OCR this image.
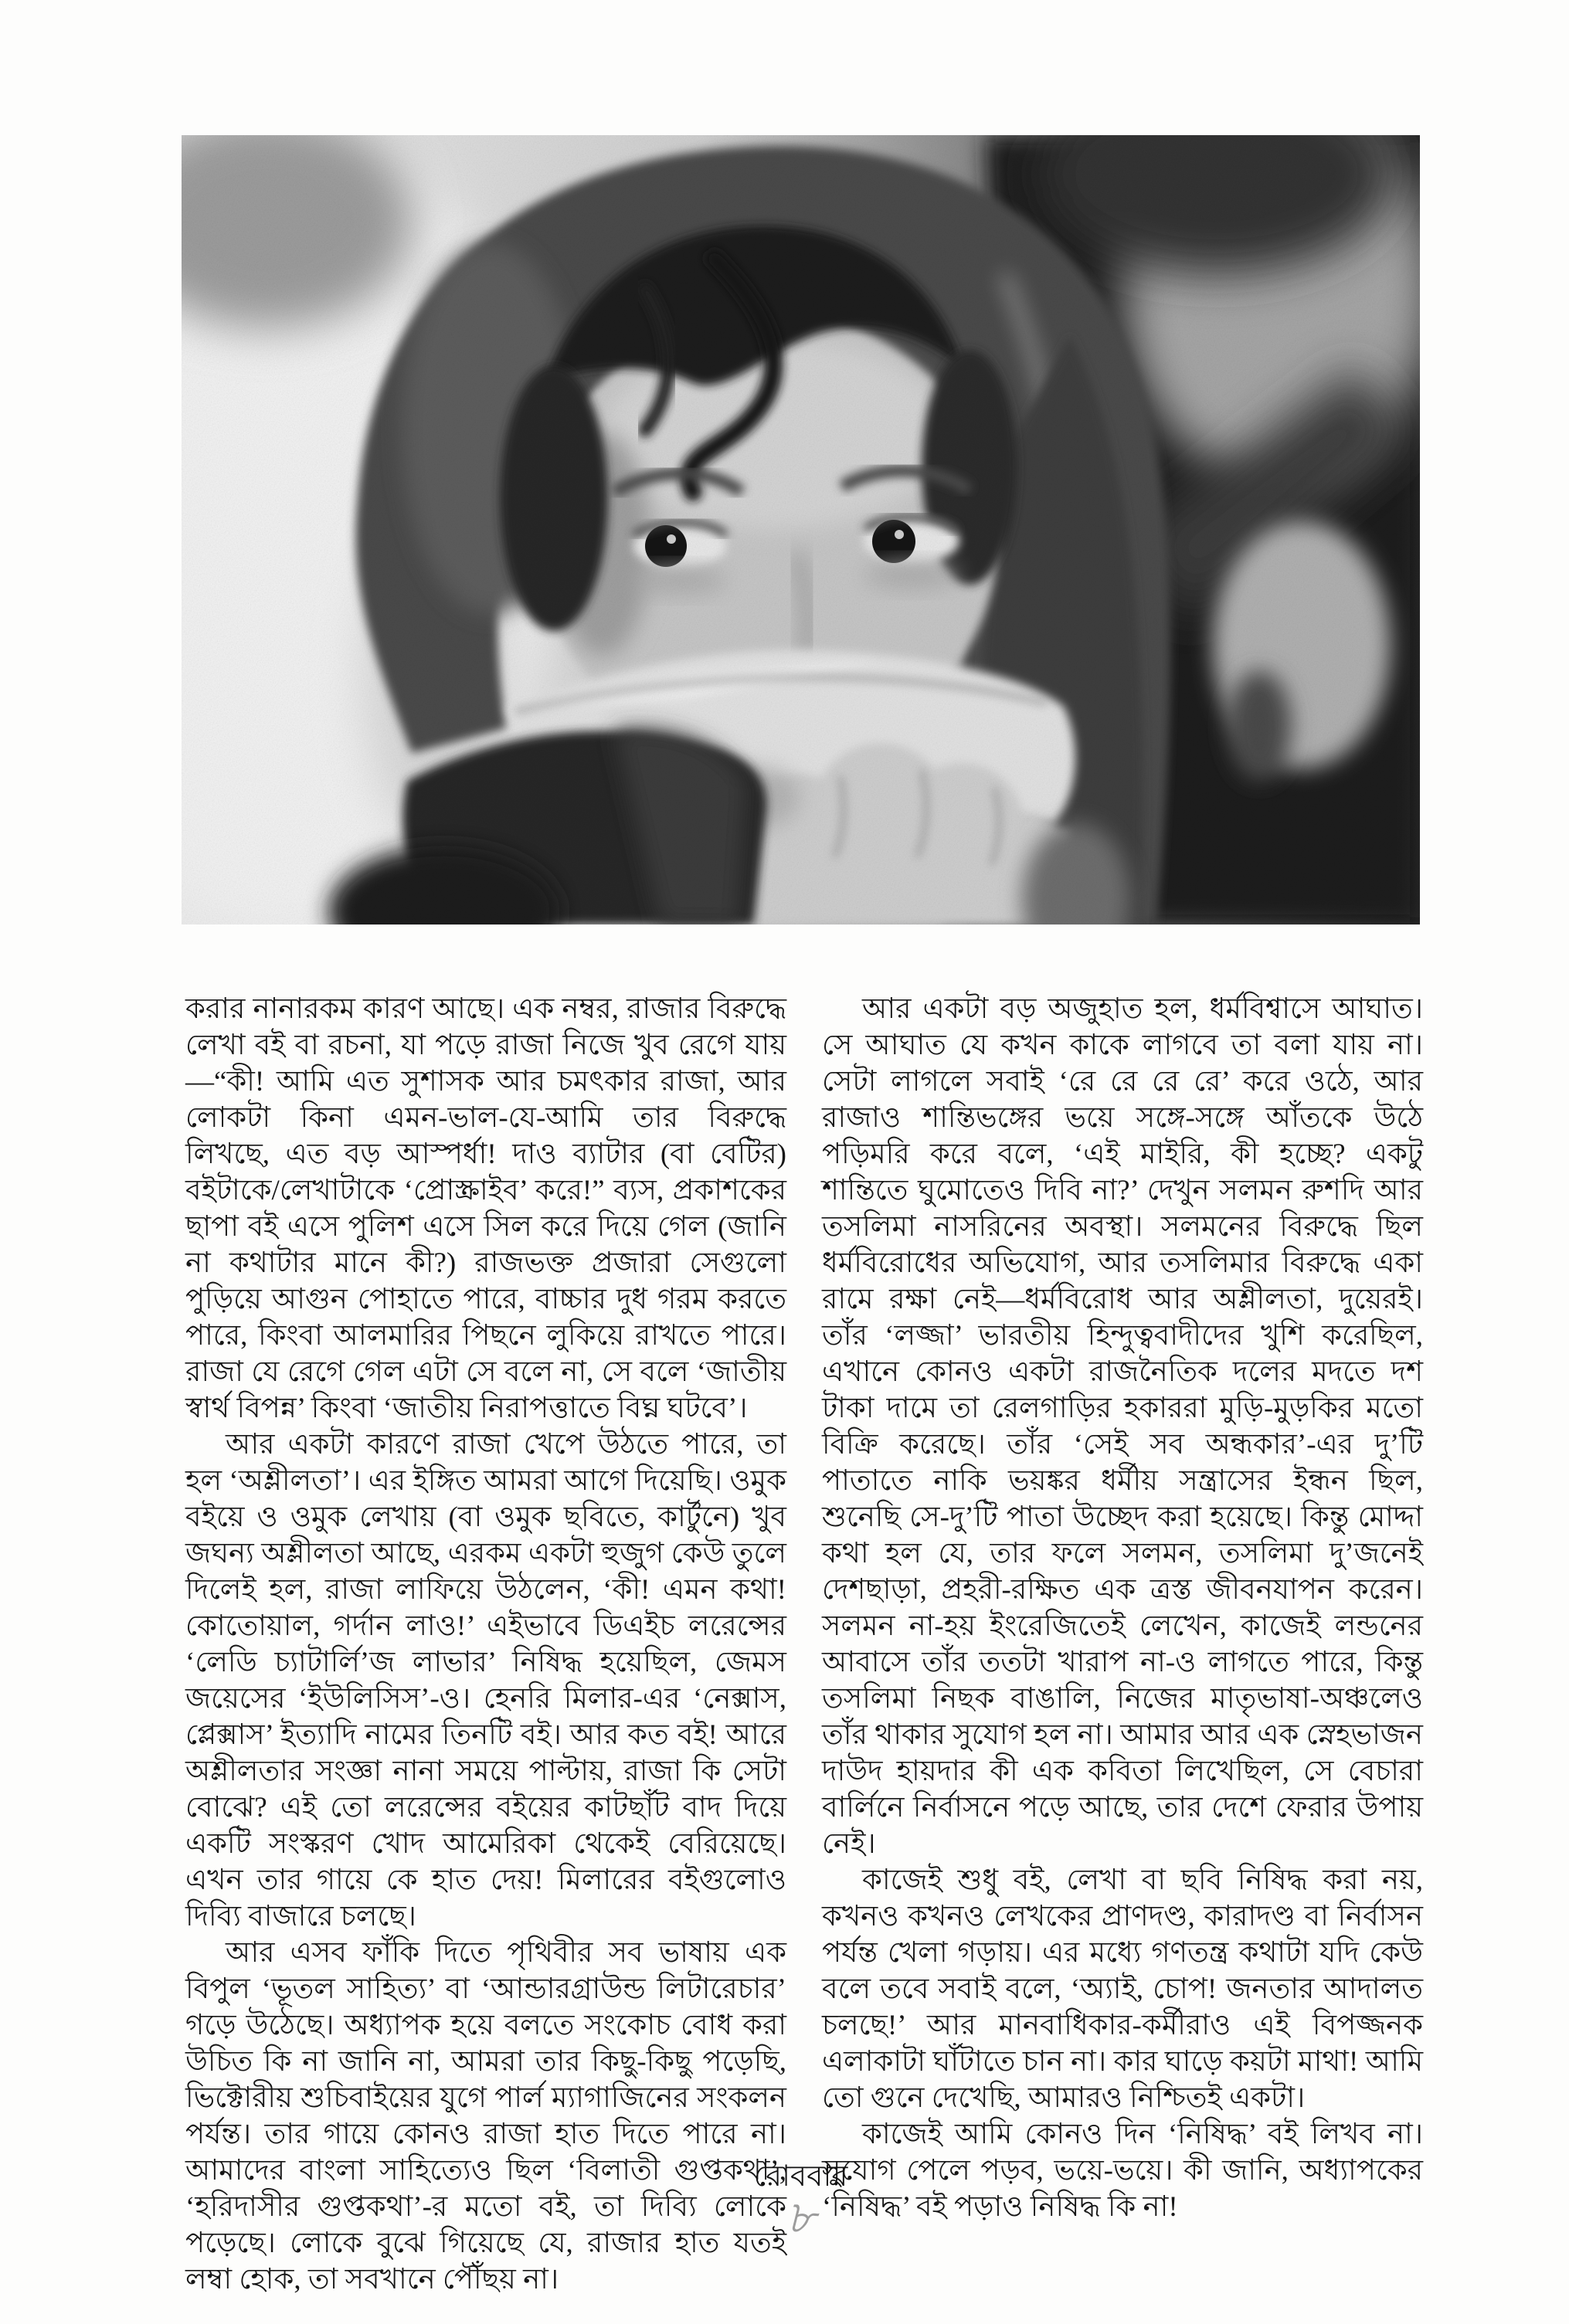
করার নানারকম কারণ আছে। এক নম্বর, রাজার বিরুদ্ধে লেখা বই বা রচনা, যা পড়ে রাজা নিজে খুব রেগে যায়—“কী! আমি এত সুশাসক আর চমৎকার রাজা, আর লোকটা কিনা এমন-ভাল-যে-আমি তার বিরুদ্ধে লিখছে, এত বড় আস্পর্ধা! দাও ব্যাটার (বা বেটির) বইটাকে/লেখাটাকে ‘প্রোস্ক্রাইব’ করে!” ব্যস, প্রকাশকের ছাপা বই এসে পুলিশ এসে সিল করে দিয়ে গেল (জানি না কথাটার মানে কী?) রাজভক্ত প্রজারা সেগুলো পুড়িয়ে আগুন পোহাতে পারে, বাচ্চার দুধ গরম করতে পারে, কিংবা আলমারির পিছনে লুকিয়ে রাখতে পারে। রাজা যে রেগে গেল এটা সে বলে না, সে বলে ‘জাতীয় স্বার্থ বিপন্ন’ কিংবা ‘জাতীয় নিরাপত্তাতে বিঘ্ন ঘটবে’।

আর একটা কারণে রাজা খেপে উঠতে পারে, তা হল ‘অশ্লীলতা’। এর ইঙ্গিত আমরা আগে দিয়েছি। ওমুক বইয়ে ও ওমুক লেখায় (বা ওমুক ছবিতে, কার্টুনে) খুব জঘন্য অশ্লীলতা আছে, এরকম একটা হুজুগ কেউ তুলে দিলেই হল, রাজা লাফিয়ে উঠলেন, ‘কী! এমন কথা! কোতোয়াল, গর্দান লাও!’ এইভাবে ডিএইচ লরেন্সের ‘লেডি চ্যাটার্লি’জ লাভার’ নিষিদ্ধ হয়েছিল, জেমস জয়েসের ‘ইউলিসিস’-ও। হেনরি মিলার-এর ‘নেক্সাস, প্লেক্সাস’ ইত্যাদি নামের তিনটি বই। আর কত বই! আরে অশ্লীলতার সংজ্ঞা নানা সময়ে পাল্টায়, রাজা কি সেটা বোঝে? এই তো লরেন্সের বইয়ের কাটছাঁট বাদ দিয়ে একটি সংস্করণ খোদ আমেরিকা থেকেই বেরিয়েছে। এখন তার গায়ে কে হাত দেয়! মিলারের বইগুলোও দিব্যি বাজারে চলছে।

আর এসব ফাঁকি দিতে পৃথিবীর সব ভাষায় এক বিপুল ‘ভূতল সাহিত্য’ বা ‘আন্ডারগ্রাউন্ড লিটারেচার’ গড়ে উঠেছে। অধ্যাপক হয়ে বলতে সংকোচ বোধ করা উচিত কি না জানি না, আমরা তার কিছু-কিছু পড়েছি, ভিক্টোরীয় শুচিবাইয়ের যুগে পার্ল ম্যাগাজিনের সংকলন পর্যন্ত। তার গায়ে কোনও রাজা হাত দিতে পারে না। আমাদের বাংলা সাহিত্যেও ছিল ‘বিলাতী গুপ্তকথা’, ‘হরিদাসীর গুপ্তকথা’-র মতো বই, তা দিব্যি লোকে পড়েছে। লোকে বুঝে গিয়েছে যে, রাজার হাত যতই লম্বা হোক, তা সবখানে পৌঁছয় না।

আর একটা বড় অজুহাত হল, ধর্মবিশ্বাসে আঘাত। সে আঘাত যে কখন কাকে লাগবে তা বলা যায় না। সেটা লাগলে সবাই ‘রে রে রে রে’ করে ওঠে, আর রাজাও শান্তিভঙ্গের ভয়ে সঙ্গে-সঙ্গে আঁতকে উঠে পড়িমরি করে বলে, ‘এই মাইরি, কী হচ্ছে? একটু শান্তিতে ঘুমোতেও দিবি না?’ দেখুন সলমন রুশদি আর তসলিমা নাসরিনের অবস্থা। সলমনের বিরুদ্ধে ছিল ধর্মবিরোধের অভিযোগ, আর তসলিমার বিরুদ্ধে একা রামে রক্ষা নেই—ধর্মবিরোধ আর অশ্লীলতা, দুয়েরই। তাঁর ‘লজ্জা’ ভারতীয় হিন্দুত্ববাদীদের খুশি করেছিল, এখানে কোনও একটা রাজনৈতিক দলের মদতে দশ টাকা দামে তা রেলগাড়ির হকাররা মুড়ি-মুড়কির মতো বিক্রি করেছে। তাঁর ‘সেই সব অন্ধকার’-এর দু’টি পাতাতে নাকি ভয়ঙ্কর ধর্মীয় সন্ত্রাসের ইন্ধন ছিল, শুনেছি সে-দু’টি পাতা উচ্ছেদ করা হয়েছে। কিন্তু মোদ্দা কথা হল যে, তার ফলে সলমন, তসলিমা দু’জনেই দেশছাড়া, প্রহরী-রক্ষিত এক ত্রস্ত জীবনযাপন করেন। সলমন না-হয় ইংরেজিতেই লেখেন, কাজেই লন্ডনের আবাসে তাঁর ততটা খারাপ না-ও লাগতে পারে, কিন্তু তসলিমা নিছক বাঙালি, নিজের মাতৃভাষা-অঞ্চলেও তাঁর থাকার সুযোগ হল না। আমার আর এক স্নেহভাজন দাউদ হায়দার কী এক কবিতা লিখেছিল, সে বেচারা বার্লিনে নির্বাসনে পড়ে আছে, তার দেশে ফেরার উপায় নেই।

কাজেই শুধু বই, লেখা বা ছবি নিষিদ্ধ করা নয়, কখনও কখনও লেখকের প্রাণদণ্ড, কারাদণ্ড বা নির্বাসন পর্যন্ত খেলা গড়ায়। এর মধ্যে গণতন্ত্র কথাটা যদি কেউ বলে তবে সবাই বলে, ‘অ্যাই, চোপ! জনতার আদালত চলছে!’ আর মানবাধিকার-কর্মীরাও এই বিপজ্জনক এলাকাটা ঘাঁটাতে চান না। কার ঘাড়ে কয়টা মাথা! আমি তো গুনে দেখেছি, আমারও নিশ্চিতই একটা।

কাজেই আমি কোনও দিন ‘নিষিদ্ধ’ বই লিখব না। সুযোগ পেলে পড়ব, ভয়ে-ভয়ে। কী জানি, অধ্যাপকের ‘নিষিদ্ধ’ বই পড়াও নিষিদ্ধ কি না!

রোববার
৮
